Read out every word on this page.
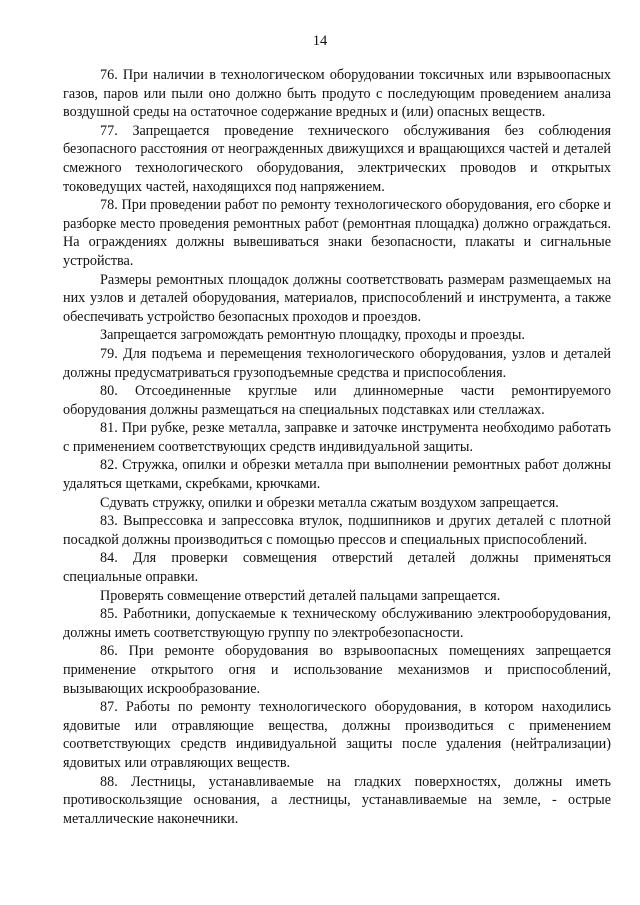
14

76. При наличии в технологическом оборудовании токсичных или взрывоопасных газов, паров или пыли оно должно быть продуто с последующим проведением анализа воздушной среды на остаточное содержание вредных и (или) опасных веществ.

77. Запрещается проведение технического обслуживания без соблюдения безопасного расстояния от неогражденных движущихся и вращающихся частей и деталей смежного технологического оборудования, электрических проводов и открытых токоведущих частей, находящихся под напряжением.

78. При проведении работ по ремонту технологического оборудования, его сборке и разборке место проведения ремонтных работ (ремонтная площадка) должно ограждаться. На ограждениях должны вывешиваться знаки безопасности, плакаты и сигнальные устройства.

Размеры ремонтных площадок должны соответствовать размерам размещаемых на них узлов и деталей оборудования, материалов, приспособлений и инструмента, а также обеспечивать устройство безопасных проходов и проездов.

Запрещается загромождать ремонтную площадку, проходы и проезды.

79. Для подъема и перемещения технологического оборудования, узлов и деталей должны предусматриваться грузоподъемные средства и приспособления.

80. Отсоединенные круглые или длинномерные части ремонтируемого оборудования должны размещаться на специальных подставках или стеллажах.

81. При рубке, резке металла, заправке и заточке инструмента необходимо работать с применением соответствующих средств индивидуальной защиты.

82. Стружка, опилки и обрезки металла при выполнении ремонтных работ должны удаляться щетками, скребками, крючками.

Сдувать стружку, опилки и обрезки металла сжатым воздухом запрещается.

83. Выпрессовка и запрессовка втулок, подшипников и других деталей с плотной посадкой должны производиться с помощью прессов и специальных приспособлений.

84. Для проверки совмещения отверстий деталей должны применяться специальные оправки.

Проверять совмещение отверстий деталей пальцами запрещается.

85. Работники, допускаемые к техническому обслуживанию электрооборудования, должны иметь соответствующую группу по электробезопасности.

86. При ремонте оборудования во взрывоопасных помещениях запрещается применение открытого огня и использование механизмов и приспособлений, вызывающих искрообразование.

87. Работы по ремонту технологического оборудования, в котором находились ядовитые или отравляющие вещества, должны производиться с применением соответствующих средств индивидуальной защиты после удаления (нейтрализации) ядовитых или отравляющих веществ.

88. Лестницы, устанавливаемые на гладких поверхностях, должны иметь противоскользящие основания, а лестницы, устанавливаемые на земле, - острые металлические наконечники.
